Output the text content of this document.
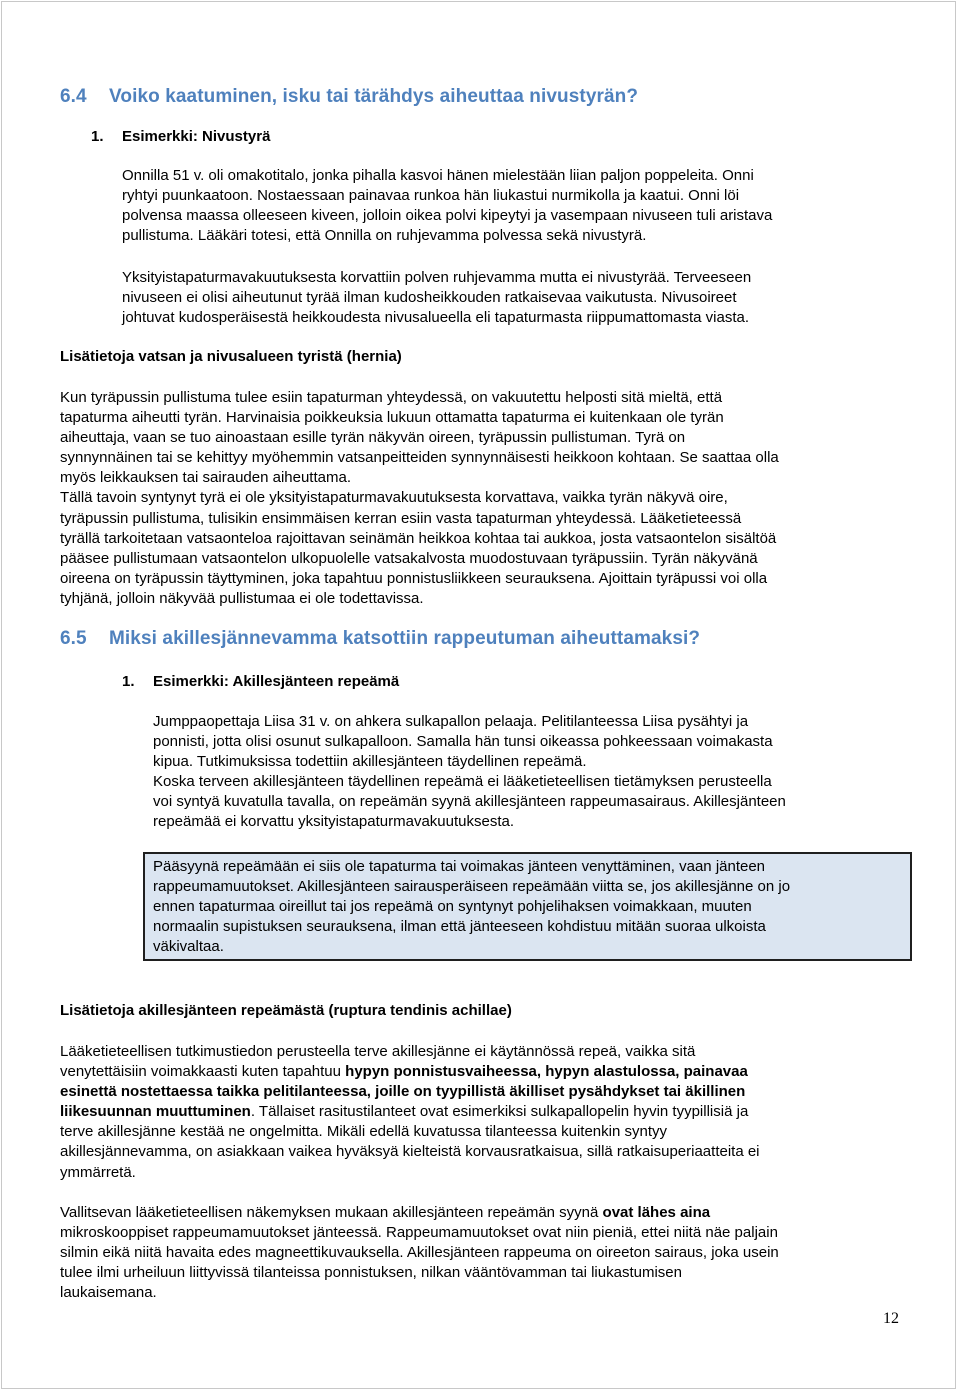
6.4 Voiko kaatuminen, isku tai tärähdys aiheuttaa nivustyrän?
1. Esimerkki: Nivustyrä
Onnilla 51 v. oli omakotitalo, jonka pihalla kasvoi hänen mielestään liian paljon poppeleita. Onni
ryhtyi puunkaatoon. Nostaessaan painavaa runkoa hän liukastui nurmikolla ja kaatui. Onni löi
polvensa maassa olleeseen kiveen, jolloin oikea polvi kipeytyi ja vasempaan nivuseen tuli aristava
pullistuma. Lääkäri totesi, että Onnilla on ruhjevamma polvessa sekä nivustyrä.
Yksityistapaturmavakuutuksesta korvattiin polven ruhjevamma mutta ei nivustyrää. Terveeseen
nivuseen ei olisi aiheutunut tyrää ilman kudosheikkouden ratkaisevaa vaikutusta. Nivusoireet
johtuvat kudosperäisestä heikkoudesta nivusalueella eli tapaturmasta riippumattomasta viasta.
Lisätietoja vatsan ja nivusalueen tyristä (hernia)
Kun tyräpussin pullistuma tulee esiin tapaturman yhteydessä, on vakuutettu helposti sitä mieltä, että
tapaturma aiheutti tyrän. Harvinaisia poikkeuksia lukuun ottamatta tapaturma ei kuitenkaan ole tyrän
aiheuttaja, vaan se tuo ainoastaan esille tyrän näkyvän oireen, tyräpussin pullistuman. Tyrä on
synnynnäinen tai se kehittyy myöhemmin vatsanpeitteiden synnynnäisesti heikkoon kohtaan. Se saattaa olla
myös leikkauksen tai sairauden aiheuttama.
Tällä tavoin syntynyt tyrä ei ole yksityistapaturmavakuutuksesta korvattava, vaikka tyrän näkyvä oire,
tyräpussin pullistuma, tulisikin ensimmäisen kerran esiin vasta tapaturman yhteydessä. Lääketieteessä
tyrällä tarkoitetaan vatsaonteloa rajoittavan seinämän heikkoa kohtaa tai aukkoa, josta vatsaontelon sisältöä
pääsee pullistumaan vatsaontelon ulkopuolelle vatsakalvosta muodostuvaan tyräpussiin. Tyrän näkyvänä
oireena on tyräpussin täyttyminen, joka tapahtuu ponnistusliikkeen seurauksena. Ajoittain tyräpussi voi olla
tyhjänä, jolloin näkyvää pullistumaa ei ole todettavissa.
6.5 Miksi akillesjännevamma katsottiin rappeutuman aiheuttamaksi?
1. Esimerkki: Akillesjänteen repeämä
Jumppaopettaja Liisa 31 v. on ahkera sulkapallon pelaaja. Pelitilanteessa Liisa pysähtyi ja
ponnisti, jotta olisi osunut sulkapalloon. Samalla hän tunsi oikeassa pohkeessaan voimakasta
kipua. Tutkimuksissa todettiin akillesjänteen täydellinen repeämä.
Koska terveen akillesjänteen täydellinen repeämä ei lääketieteellisen tietämyksen perusteella
voi syntyä kuvatulla tavalla, on repeämän syynä akillesjänteen rappeumasairaus. Akillesjänteen
repeämää ei korvattu yksityistapaturmavakuutuksesta.
Pääsyynä repeämään ei siis ole tapaturma tai voimakas jänteen venyttäminen, vaan jänteen
rappeumamuutokset. Akillesjänteen sairausperäiseen repeämään viitta se, jos akillesjänne on jo
ennen tapaturmaa oireillut tai jos repeämä on syntynyt pohjelihaksen voimakkaan, muuten
normaalin supistuksen seurauksena, ilman että jänteeseen kohdistuu mitään suoraa ulkoista
väkivaltaa.
Lisätietoja akillesjänteen repeämästä (ruptura tendinis achillae)
Lääketieteellisen tutkimustiedon perusteella terve akillesjänne ei käytännössä repeä, vaikka sitä
venytettäisiin voimakkaasti kuten tapahtuu hypyn ponnistusvaiheessa, hypyn alastulossa, painavaa
esinettä nostettaessa taikka pelitilanteessa, joille on tyypillistä äkilliset pysähdykset tai äkillinen
liikesuunnan muuttuminen. Tällaiset rasitustilanteet ovat esimerkiksi sulkapallopelin hyvin tyypillisiä ja
terve akillesjänne kestää ne ongelmitta. Mikäli edellä kuvatussa tilanteessa kuitenkin syntyy
akillesjännevamma, on asiakkaan vaikea hyväksyä kielteistä korvausratkaisua, sillä ratkaisuperiaatteita ei
ymmärretä.
Vallitsevan lääketieteellisen näkemyksen mukaan akillesjänteen repeämän syynä ovat lähes aina
mikroskooppiset rappeumamuutokset jänteessä. Rappeumamuutokset ovat niin pieniä, ettei niitä näe paljain
silmin eikä niitä havaita edes magneettikuvauksella. Akillesjänteen rappeuma on oireeton sairaus, joka usein
tulee ilmi urheiluun liittyvissä tilanteissa ponnistuksen, nilkan vääntövamman tai liukastumisen
laukaisemana.
12
